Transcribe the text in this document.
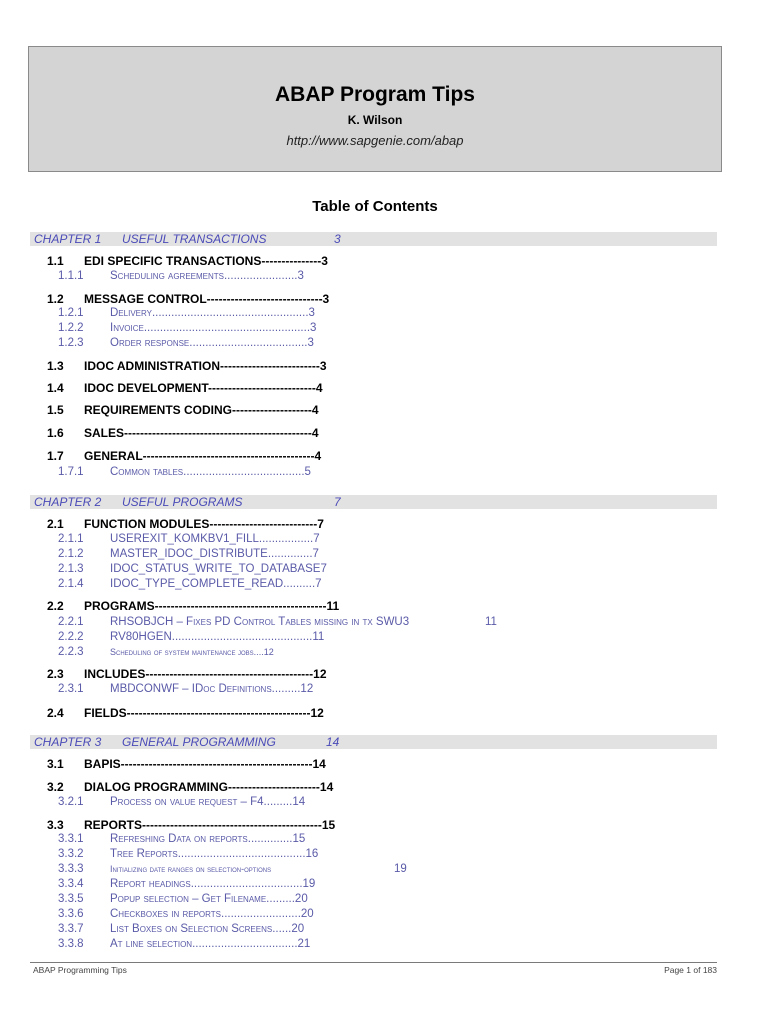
ABAP Program Tips
K. Wilson
http://www.sapgenie.com/abap
Table of Contents
CHAPTER 1 USEFUL TRANSACTIONS	3
1.1 EDI SPECIFIC TRANSACTIONS---------------3
1.1.1 Scheduling agreements.......................3
1.2 MESSAGE CONTROL-----------------------------3
1.2.1 Delivery.................................................3
1.2.2 Invoice....................................................3
1.2.3 Order response.....................................3
1.3 IDOC ADMINISTRATION-------------------------3
1.4 IDOC DEVELOPMENT---------------------------4
1.5 REQUIREMENTS CODING--------------------4
1.6 SALES-----------------------------------------------4
1.7 GENERAL-------------------------------------------4
1.7.1 Common tables......................................5
CHAPTER 2 USEFUL PROGRAMS	7
2.1 FUNCTION MODULES---------------------------7
2.1.1 USEREXIT_KOMKBV1_FILL.................7
2.1.2 MASTER_IDOC_DISTRIBUTE..............7
2.1.3 IDOC_STATUS_WRITE_TO_DATABASE7
2.1.4 IDOC_TYPE_COMPLETE_READ..........7
2.2 PROGRAMS-------------------------------------------11
2.2.1 RHSOBJCH – Fixes PD Control Tables missing in tx SWU3	11
2.2.2 RV80HGEN............................................11
2.2.3	Scheduling of system maintenance jobs....12
2.3 INCLUDES------------------------------------------12
2.3.1 MBDCONWF – IDoc Definitions.........12
2.4 FIELDS----------------------------------------------12
CHAPTER 3 GENERAL PROGRAMMING	14
3.1 BAPIS------------------------------------------------14
3.2 DIALOG PROGRAMMING-----------------------14
3.2.1 Process on value request – F4.........14
3.3 REPORTS---------------------------------------------15
3.3.1 Refreshing Data on reports..............15
3.3.2 Tree Reports........................................16
3.3.3	Initializing date ranges on selection-options	19
3.3.4 Report headings...................................19
3.3.5 Popup selection – Get Filename.........20
3.3.6 Checkboxes in reports.........................20
3.3.7 List Boxes on Selection Screens......20
3.3.8 At line selection.................................21
ABAP Programming Tips	Page 1 of 183
